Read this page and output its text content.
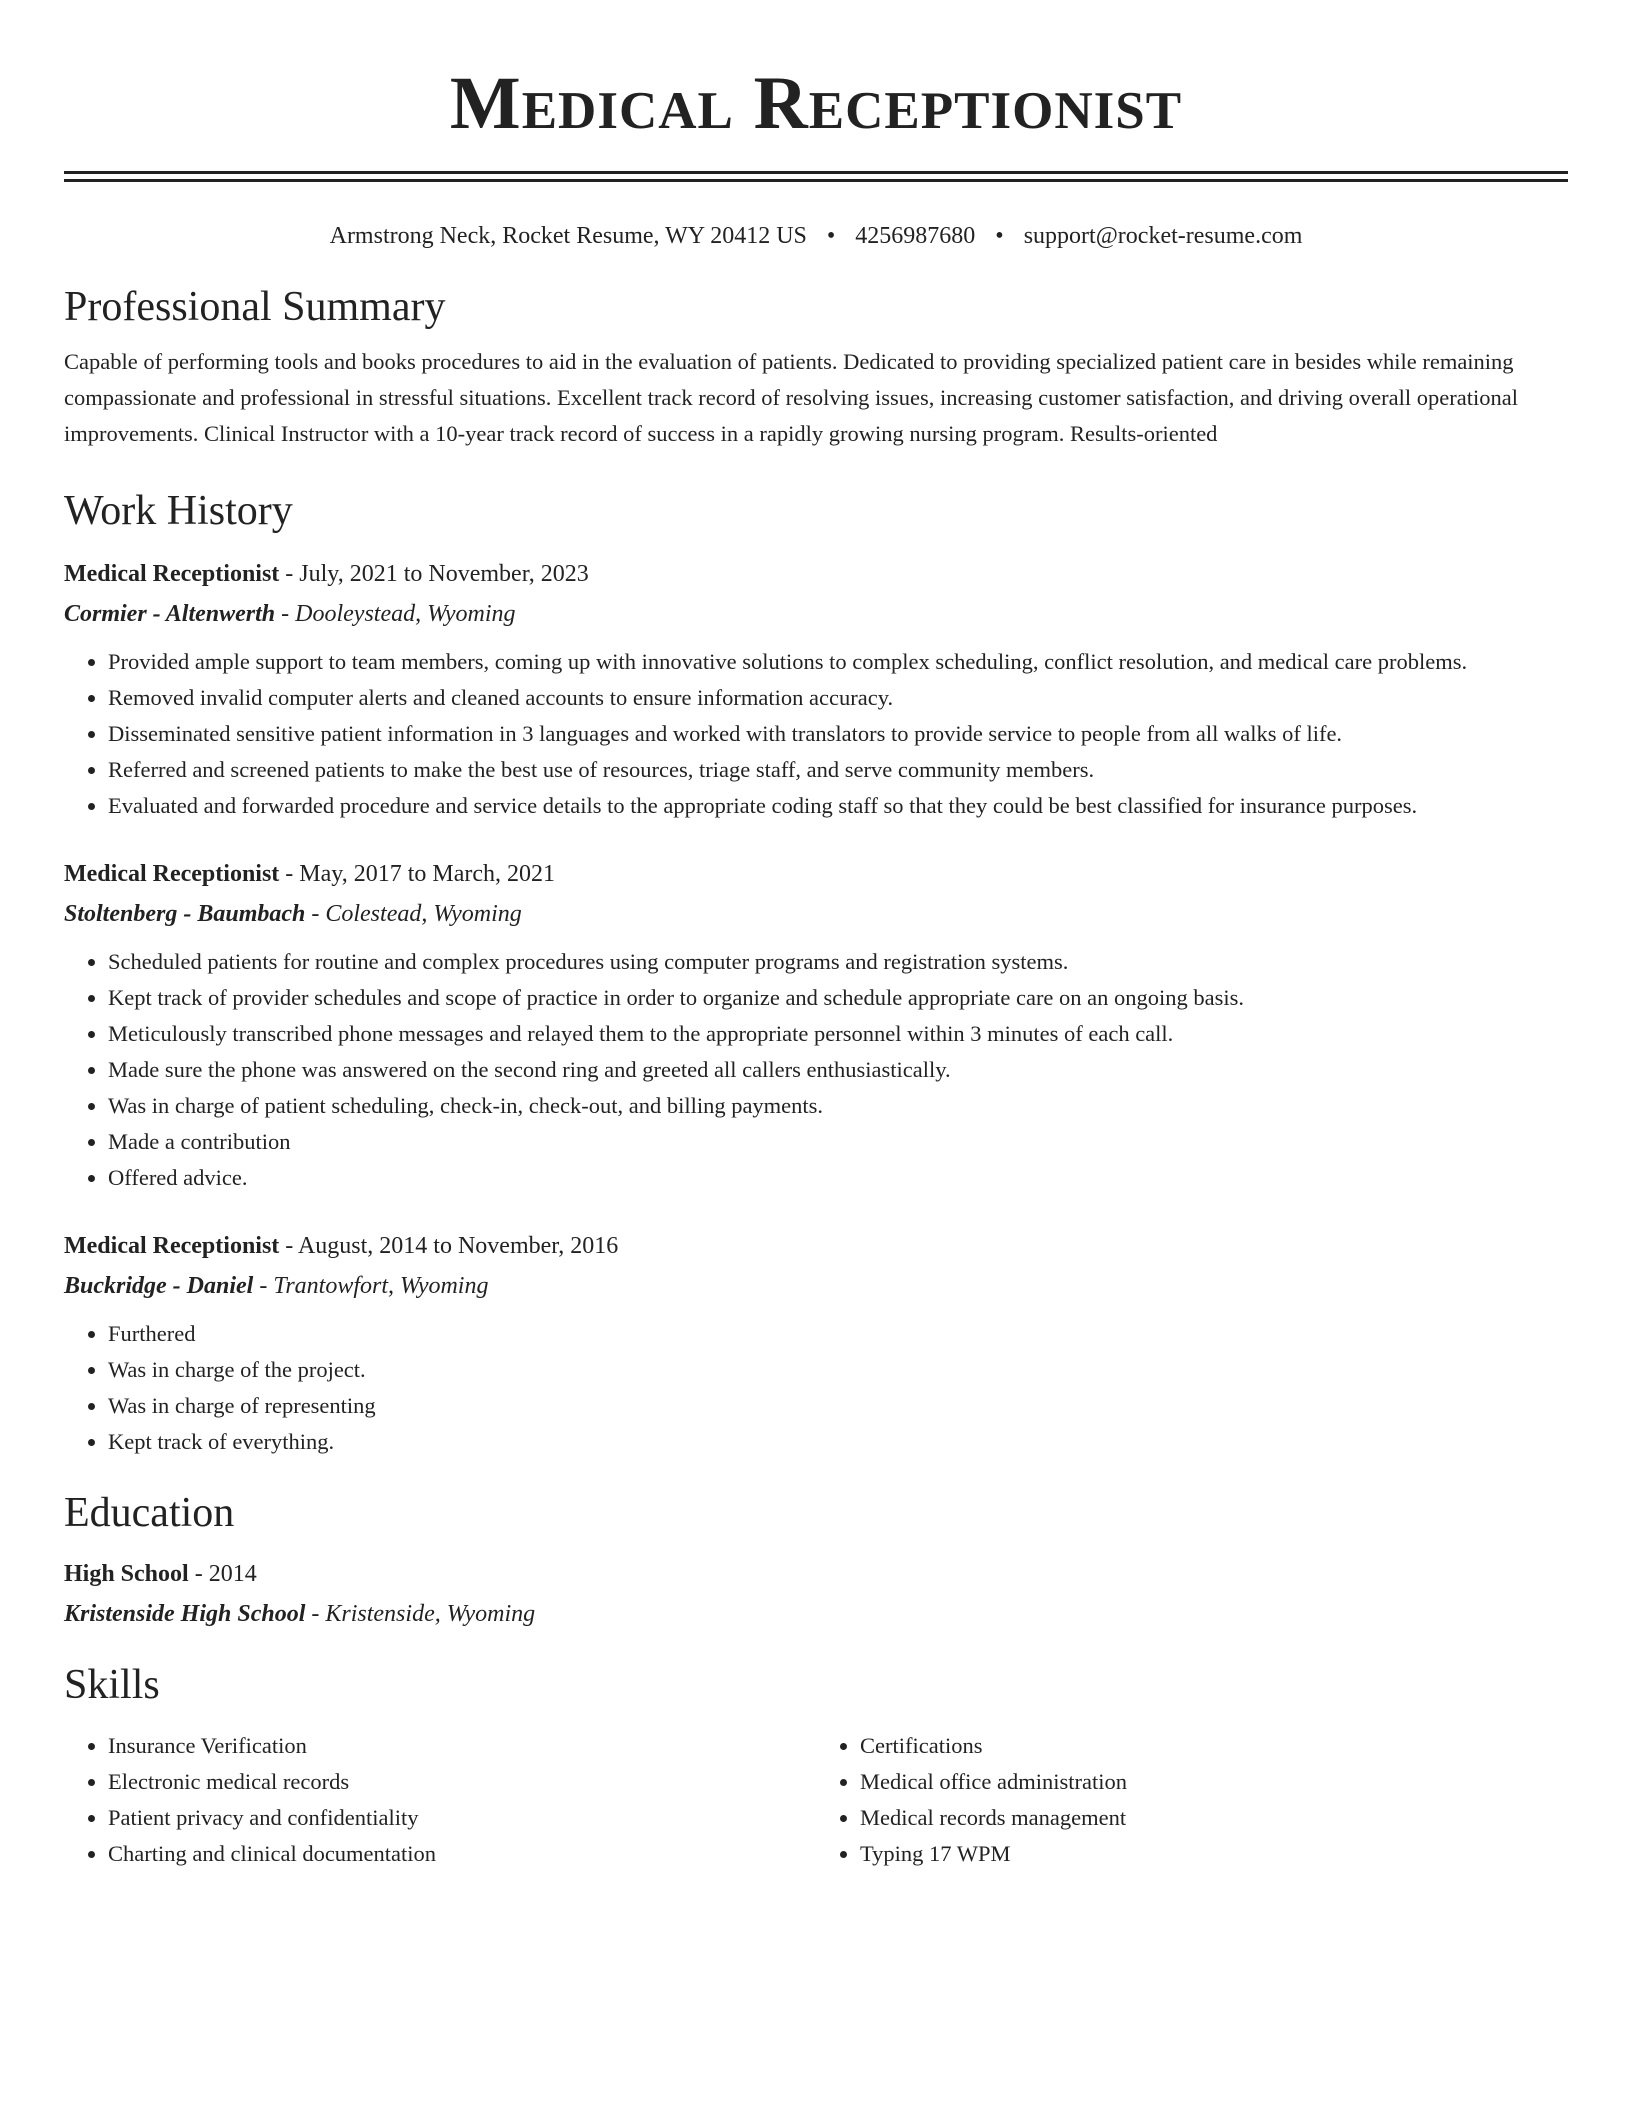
Medical Receptionist
Armstrong Neck, Rocket Resume, WY 20412 US • 4256987680 • support@rocket-resume.com
Professional Summary

Capable of performing tools and books procedures to aid in the evaluation of patients. Dedicated to providing specialized patient care in besides while remaining compassionate and professional in stressful situations. Excellent track record of resolving issues, increasing customer satisfaction, and driving overall operational improvements. Clinical Instructor with a 10-year track record of success in a rapidly growing nursing program. Results-oriented

Work History

Medical Receptionist - July, 2021 to November, 2023

Cormier - Altenwerth - Dooleystead, Wyoming

• Provided ample support to team members, coming up with innovative solutions to complex scheduling, conflict resolution, and medical care problems.
• Removed invalid computer alerts and cleaned accounts to ensure information accuracy.
• Disseminated sensitive patient information in 3 languages and worked with translators to provide service to people from all walks of life.
• Referred and screened patients to make the best use of resources, triage staff, and serve community members.
• Evaluated and forwarded procedure and service details to the appropriate coding staff so that they could be best classified for insurance purposes.

Medical Receptionist - May, 2017 to March, 2021

Stoltenberg - Baumbach - Colestead, Wyoming

• Scheduled patients for routine and complex procedures using computer programs and registration systems.
• Kept track of provider schedules and scope of practice in order to organize and schedule appropriate care on an ongoing basis.
• Meticulously transcribed phone messages and relayed them to the appropriate personnel within 3 minutes of each call.
• Made sure the phone was answered on the second ring and greeted all callers enthusiastically.
• Was in charge of patient scheduling, check-in, check-out, and billing payments.
• Made a contribution
• Offered advice.

Medical Receptionist - August, 2014 to November, 2016

Buckridge - Daniel - Trantowfort, Wyoming

• Furthered
• Was in charge of the project.
• Was in charge of representing
• Kept track of everything.
Education

High School - 2014

Kristenside High School - Kristenside, Wyoming

Skills
• Insurance Verification
• Electronic medical records
• Patient privacy and confidentiality
• Charting and clinical documentation
• Certifications
• Medical office administration
• Medical records management
• Typing 17 WPM
